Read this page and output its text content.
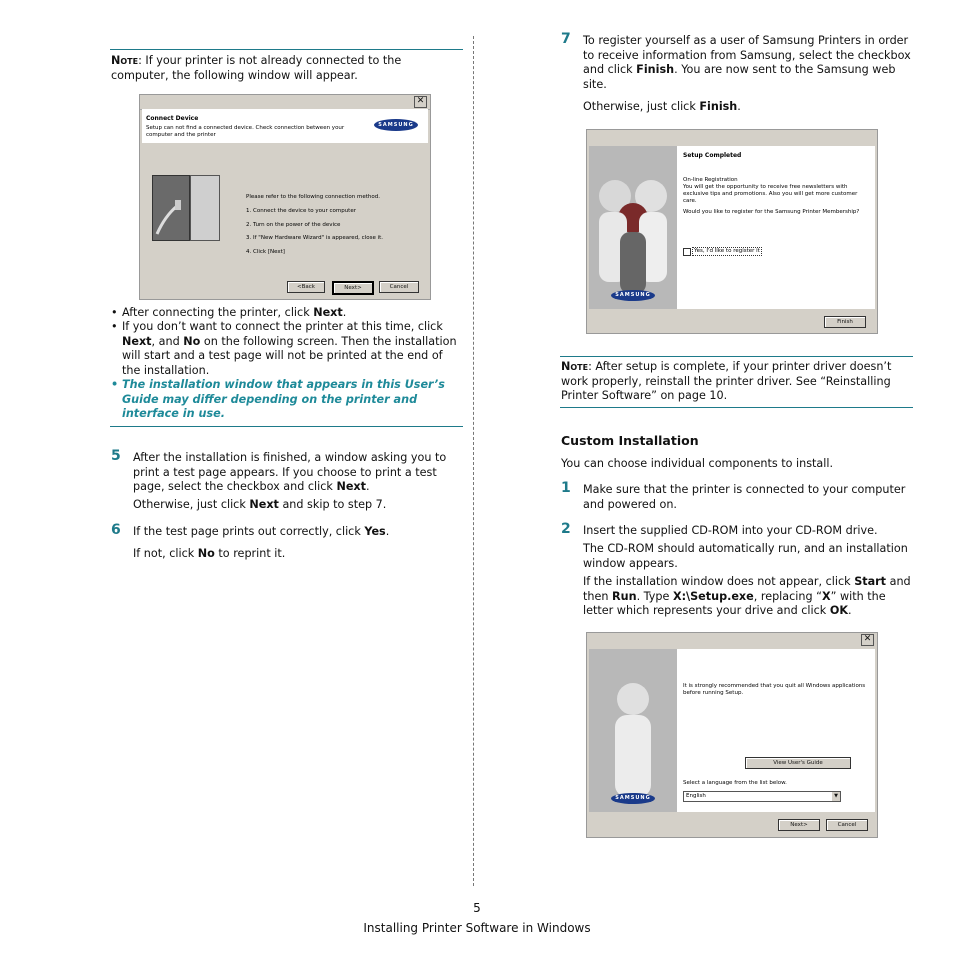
Note: If your printer is not already connected to the computer, the following window will appear.
✕
Connect Device
Setup can not find a connected device. Check connection between your computer and the printer
SAMSUNG
Please refer to the following connection method.
1. Connect the device to your computer
2. Turn on the power of the device
3. If "New Hardware Wizard" is appeared, close it.
4. Click [Next]
<Back	Next>	Cancel
• After connecting the printer, click Next.
• If you don’t want to connect the printer at this time, click Next, and No on the following screen. Then the installation will start and a test page will not be printed at the end of the installation.
• The installation window that appears in this User’s Guide may differ depending on the printer and interface in use.
5 After the installation is finished, a window asking you to print a test page appears. If you choose to print a test page, select the checkbox and click Next.
Otherwise, just click Next and skip to step 7.
6 If the test page prints out correctly, click Yes.
If not, click No to reprint it.
7 To register yourself as a user of Samsung Printers in order to receive information from Samsung, select the checkbox and click Finish. You are now sent to the Samsung web site.
Otherwise, just click Finish.
SAMSUNG
Setup Completed
On-line Registration
You will get the opportunity to receive free newsletters with exclusive tips and promotions. Also you will get more customer care.
Would you like to register for the Samsung Printer Membership?
Yes, I'd like to register it
Finish
Note: After setup is complete, if your printer driver doesn’t work properly, reinstall the printer driver. See “Reinstalling Printer Software” on page 10.
Custom Installation
You can choose individual components to install.
1 Make sure that the printer is connected to your computer and powered on.
2 Insert the supplied CD-ROM into your CD-ROM drive.
The CD-ROM should automatically run, and an installation window appears.
If the installation window does not appear, click Start and then Run. Type X:\Setup.exe, replacing “X” with the letter which represents your drive and click OK.
✕
SAMSUNG
It is strongly recommended that you quit all Windows applications before running Setup.
View User's Guide
Select a language from the list below.
English	▼
Next>	Cancel
5
Installing Printer Software in Windows
